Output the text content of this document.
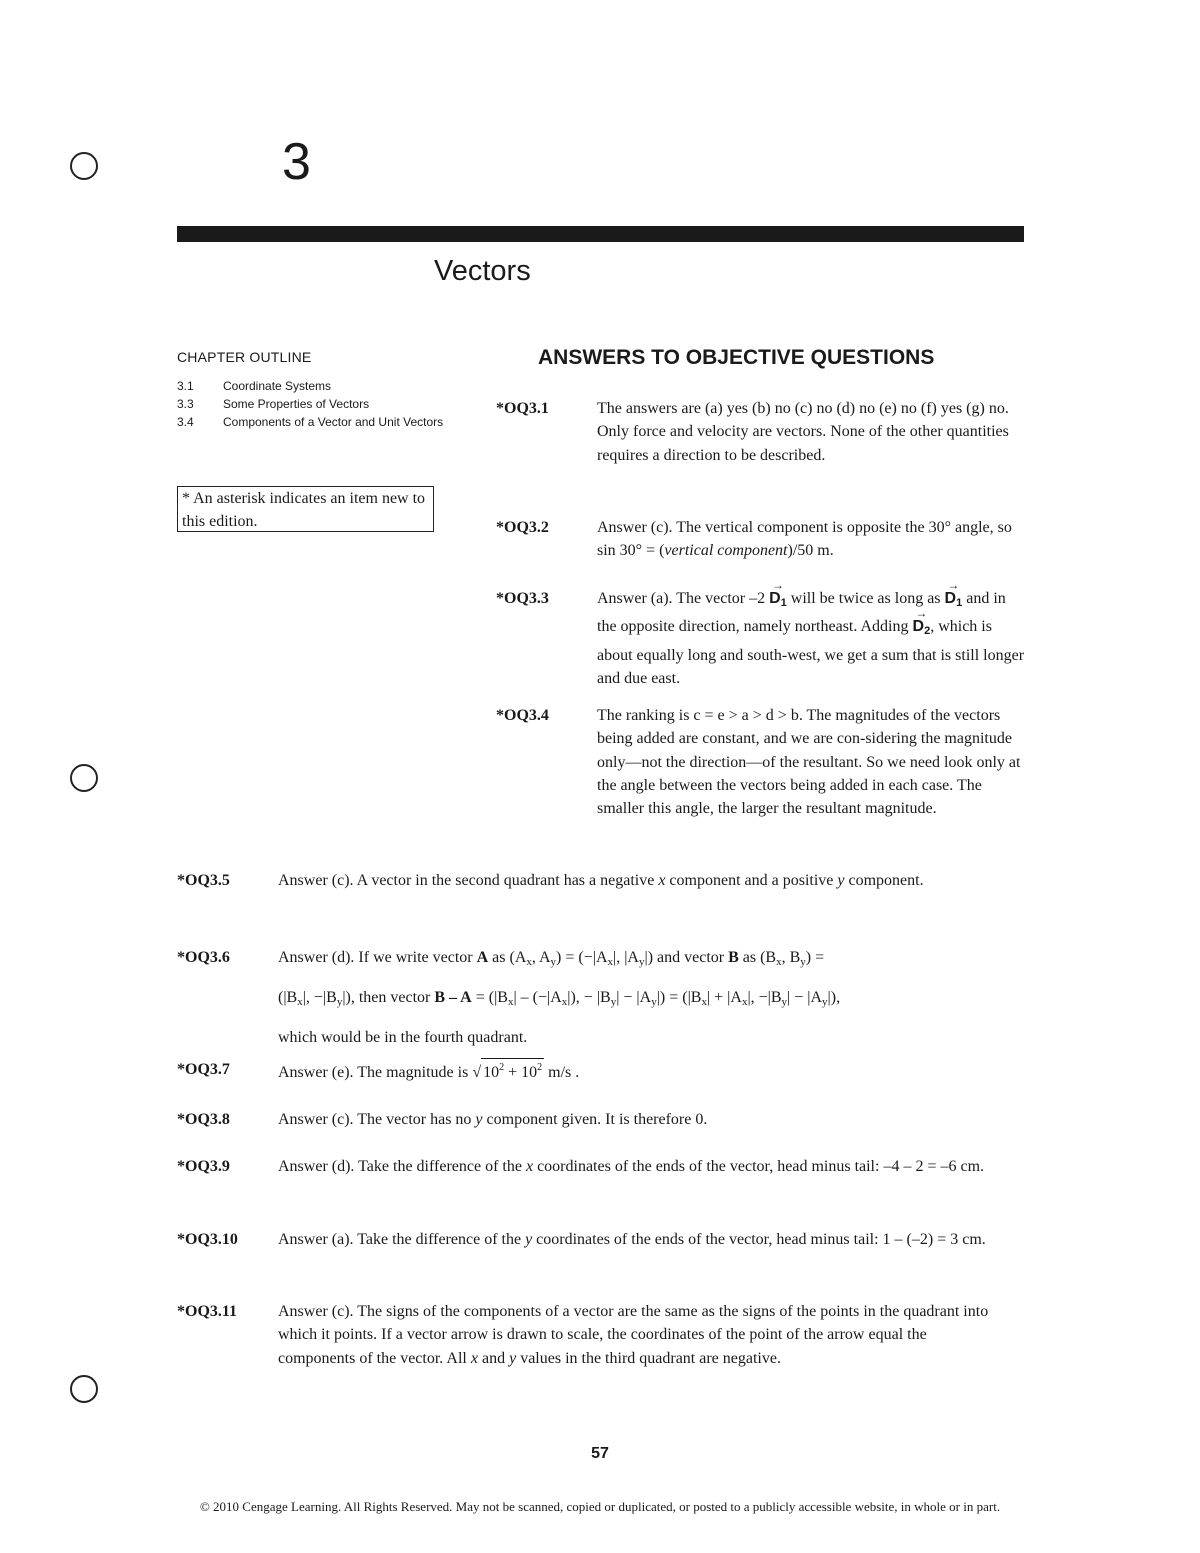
3
Vectors
CHAPTER OUTLINE
3.1	Coordinate Systems
3.3	Some Properties of Vectors
3.4	Components of a Vector and Unit Vectors
* An asterisk indicates an item new to this edition.
ANSWERS TO OBJECTIVE QUESTIONS
*OQ3.1	The answers are (a) yes (b) no (c) no (d) no (e) no (f) yes (g) no. Only force and velocity are vectors. None of the other quantities requires a direction to be described.
*OQ3.2	Answer (c). The vertical component is opposite the 30° angle, so sin 30° = (vertical component)/50 m.
*OQ3.3	Answer (a). The vector $-2 \to D_1$ will be twice as long as → $D_1$ and in the opposite direction, namely northeast. Adding → $D_2$, which is about equally long and south-west, we get a sum that is still longer and due east.
*OQ3.4	The ranking is c = e > a > d > b. The magnitudes of the vectors being added are constant, and we are con-sidering the magnitude only—not the direction—of the resultant. So we need look only at the angle between the vectors being added in each case. The smaller this angle, the larger the resultant magnitude.
*OQ3.5	Answer (c). A vector in the second quadrant has a negative x component and a positive y component.
*OQ3.6	Answer (d). If we write vector A as ($A_x$, $A_y) = (-|A_x|$, $|A_y|$) and vector B as ($B_x$, $B_y$) =
($|B_x|$, $-|B_y|$), then vector $B - A = (|B_x| - (-|A_x|)$, − $|B_y| - |A_y|) = (|B_x| + |A_x|$, $-|B_y| - |A_y|$),
which would be in the fourth quadrant.
*OQ3.7	Answer (e). The magnitude is √ $10^2 + 10^2$ m/s .
*OQ3.8	Answer (c). The vector has no y component given. It is therefore 0.
*OQ3.9	Answer (d). Take the difference of the x coordinates of the ends of the vector, head minus tail: –4 – 2 = –6 cm.
*OQ3.10	Answer (a). Take the difference of the y coordinates of the ends of the vector, head minus tail: 1 – (–2) = 3 cm.
*OQ3.11	Answer (c). The signs of the components of a vector are the same as the signs of the points in the quadrant into which it points. If a vector arrow is drawn to scale, the coordinates of the point of the arrow equal the components of the vector. All x and y values in the third quadrant are negative.
57
© 2010 Cengage Learning. All Rights Reserved. May not be scanned, copied or duplicated, or posted to a publicly accessible website, in whole or in part.
